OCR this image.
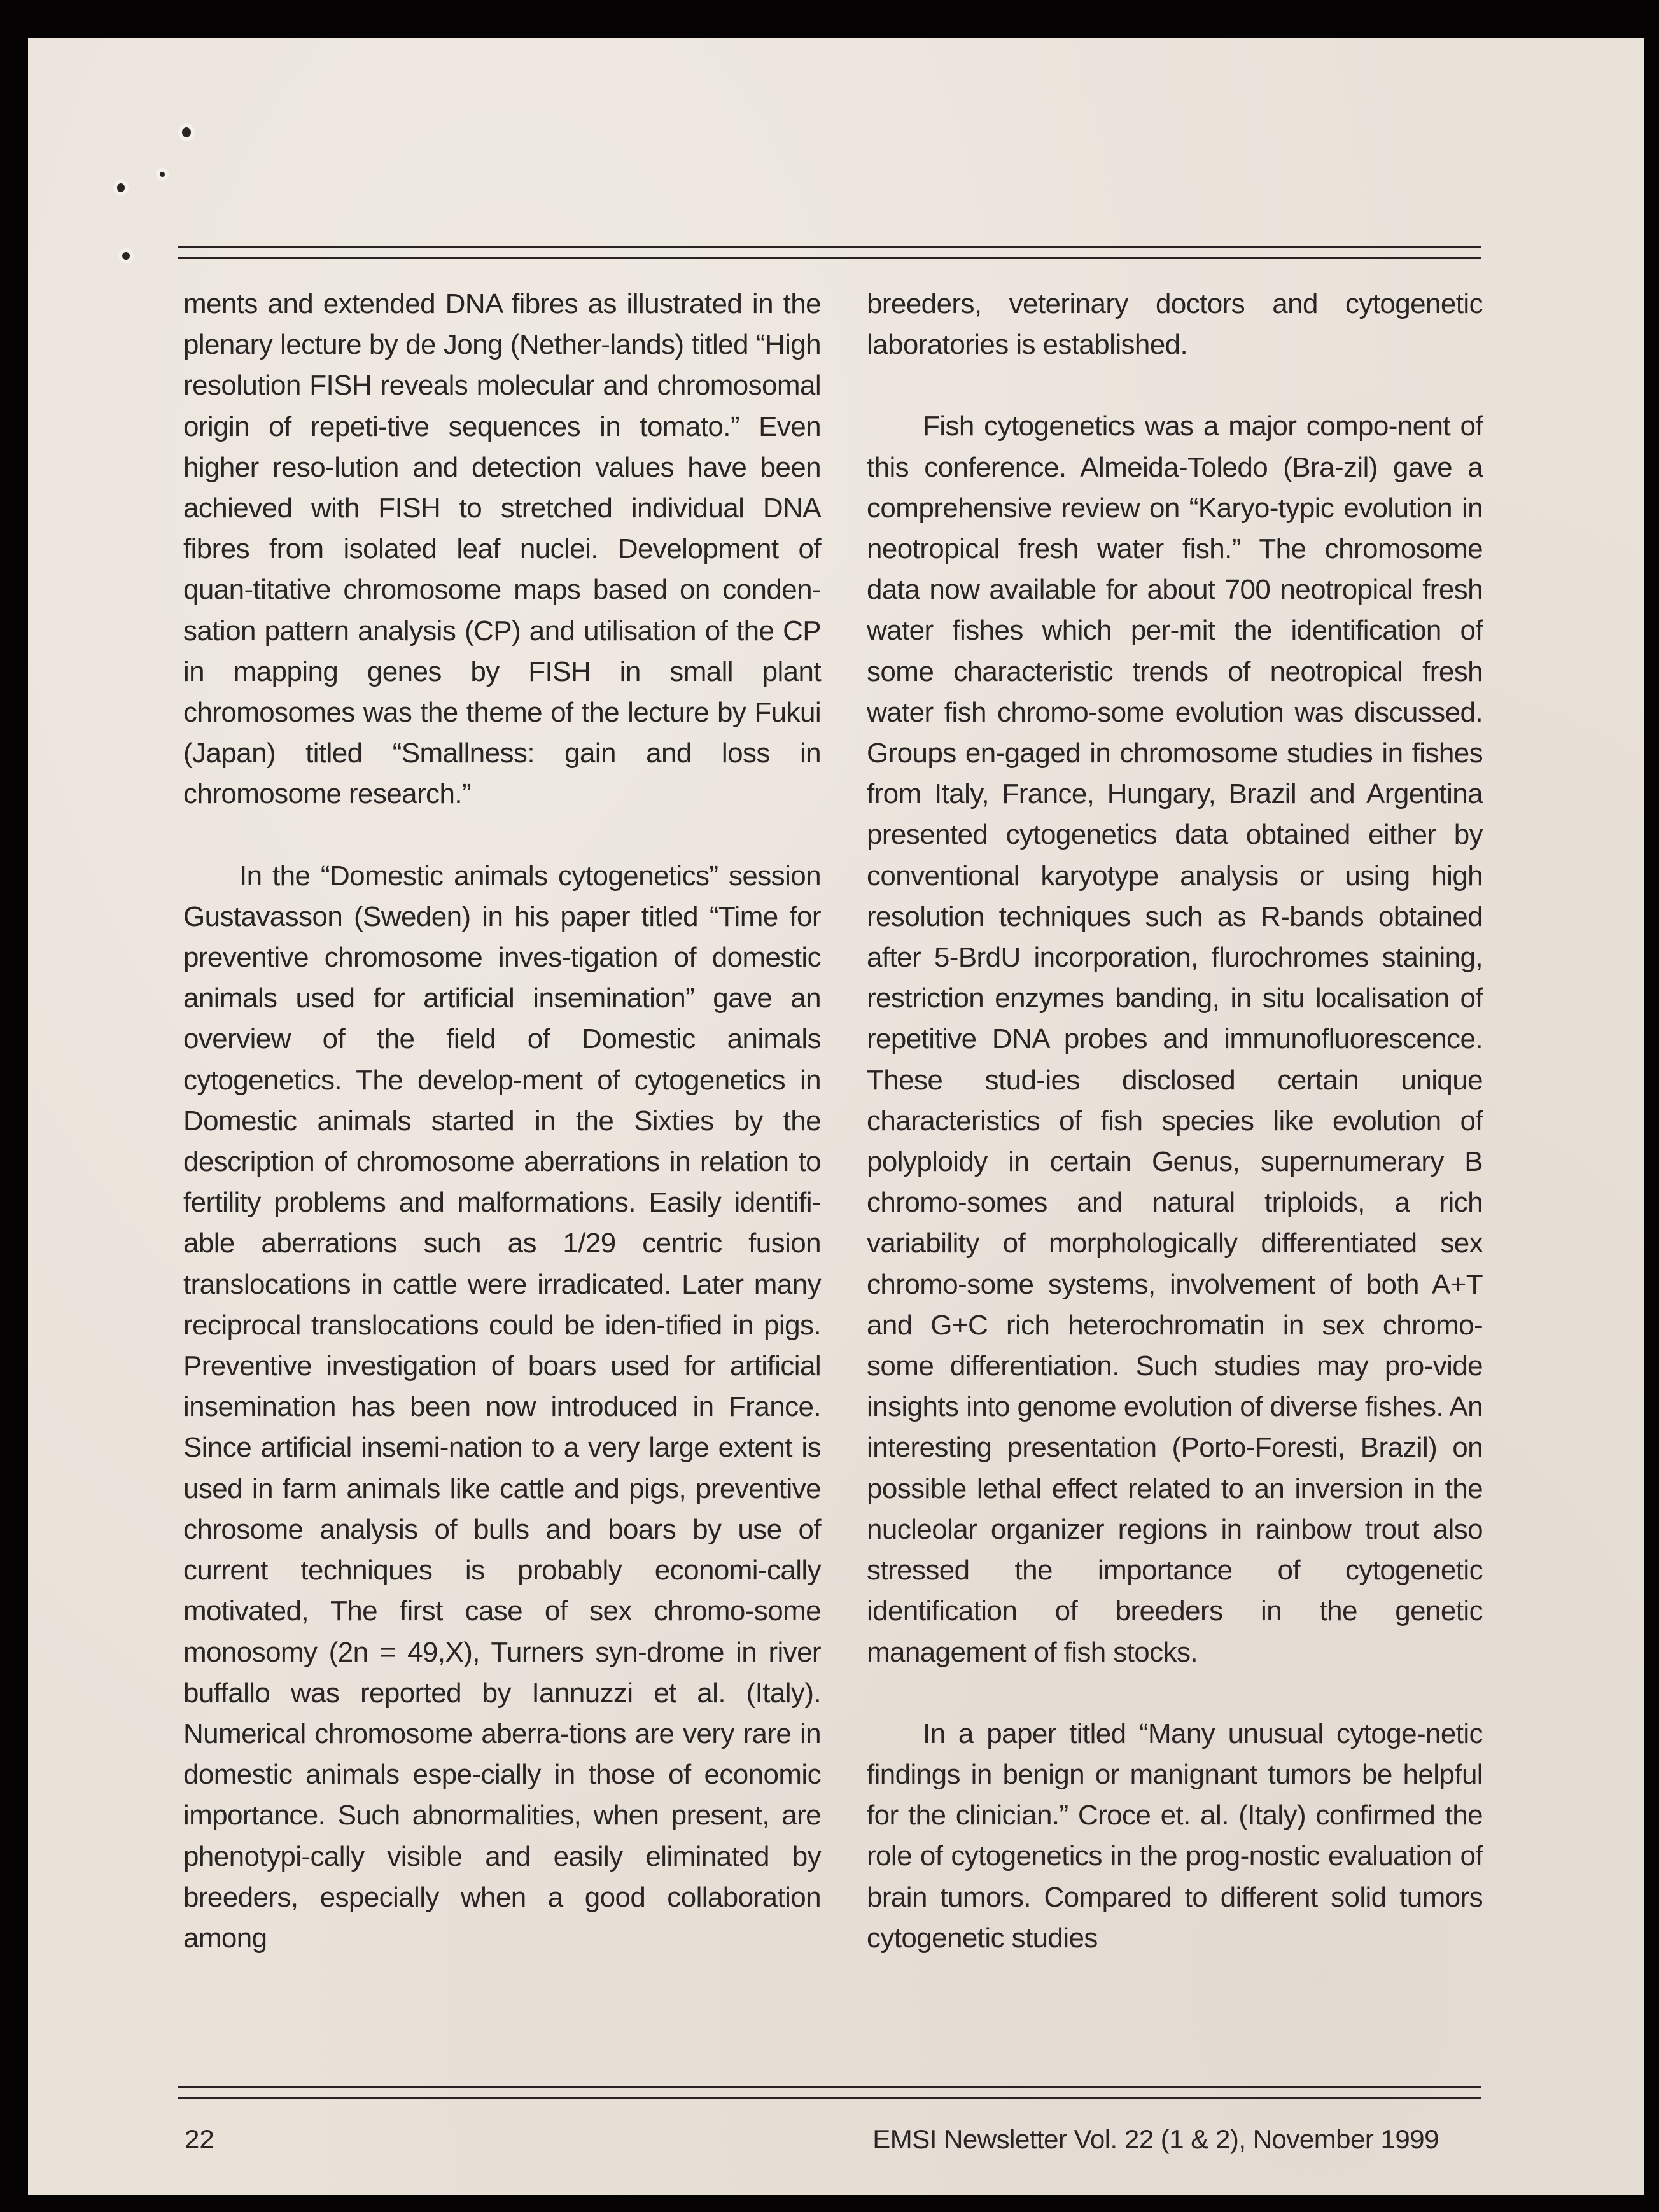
ments and extended DNA fibres as illustrated in the plenary lecture by de Jong (Nether-lands) titled “High resolution FISH reveals molecular and chromosomal origin of repeti-tive sequences in tomato.” Even higher reso-lution and detection values have been achieved with FISH to stretched individual DNA fibres from isolated leaf nuclei. Development of quan-titative chromosome maps based on conden-sation pattern analysis (CP) and utilisation of the CP in mapping genes by FISH in small plant chromosomes was the theme of the lecture by Fukui (Japan) titled “Smallness: gain and loss in chromosome research.”

In the “Domestic animals cytogenetics” session Gustavasson (Sweden) in his paper titled “Time for preventive chromosome inves-tigation of domestic animals used for artificial insemination” gave an overview of the field of Domestic animals cytogenetics. The develop-ment of cytogenetics in Domestic animals started in the Sixties by the description of chromosome aberrations in relation to fertility problems and malformations. Easily identifi-able aberrations such as 1/29 centric fusion translocations in cattle were irradicated. Later many reciprocal translocations could be iden-tified in pigs. Preventive investigation of boars used for artificial insemination has been now introduced in France. Since artificial insemi-nation to a very large extent is used in farm animals like cattle and pigs, preventive chrosome analysis of bulls and boars by use of current techniques is probably economi-cally motivated, The first case of sex chromo-some monosomy (2n = 49,X), Turners syn-drome in river buffallo was reported by Iannuzzi et al. (Italy). Numerical chromosome aberra-tions are very rare in domestic animals espe-cially in those of economic importance. Such abnormalities, when present, are phenotypi-cally visible and easily eliminated by breeders, especially when a good collaboration among

breeders, veterinary doctors and cytogenetic laboratories is established.

Fish cytogenetics was a major compo-nent of this conference. Almeida-Toledo (Bra-zil) gave a comprehensive review on “Karyo-typic evolution in neotropical fresh water fish.” The chromosome data now available for about 700 neotropical fresh water fishes which per-mit the identification of some characteristic trends of neotropical fresh water fish chromo-some evolution was discussed. Groups en-gaged in chromosome studies in fishes from Italy, France, Hungary, Brazil and Argentina presented cytogenetics data obtained either by conventional karyotype analysis or using high resolution techniques such as R-bands obtained after 5-BrdU incorporation, flurochromes staining, restriction enzymes banding, in situ localisation of repetitive DNA probes and immunofluorescence. These stud-ies disclosed certain unique characteristics of fish species like evolution of polyploidy in certain Genus, supernumerary B chromo-somes and natural triploids, a rich variability of morphologically differentiated sex chromo-some systems, involvement of both A+T and G+C rich heterochromatin in sex chromo-some differentiation. Such studies may pro-vide insights into genome evolution of diverse fishes. An interesting presentation (Porto-Foresti, Brazil) on possible lethal effect related to an inversion in the nucleolar organizer regions in rainbow trout also stressed the importance of cytogenetic identification of breeders in the genetic management of fish stocks.

In a paper titled “Many unusual cytoge-netic findings in benign or manignant tumors be helpful for the clinician.” Croce et. al. (Italy) confirmed the role of cytogenetics in the prog-nostic evaluation of brain tumors. Compared to different solid tumors cytogenetic studies

22	EMSI Newsletter Vol. 22 (1 & 2), November 1999
